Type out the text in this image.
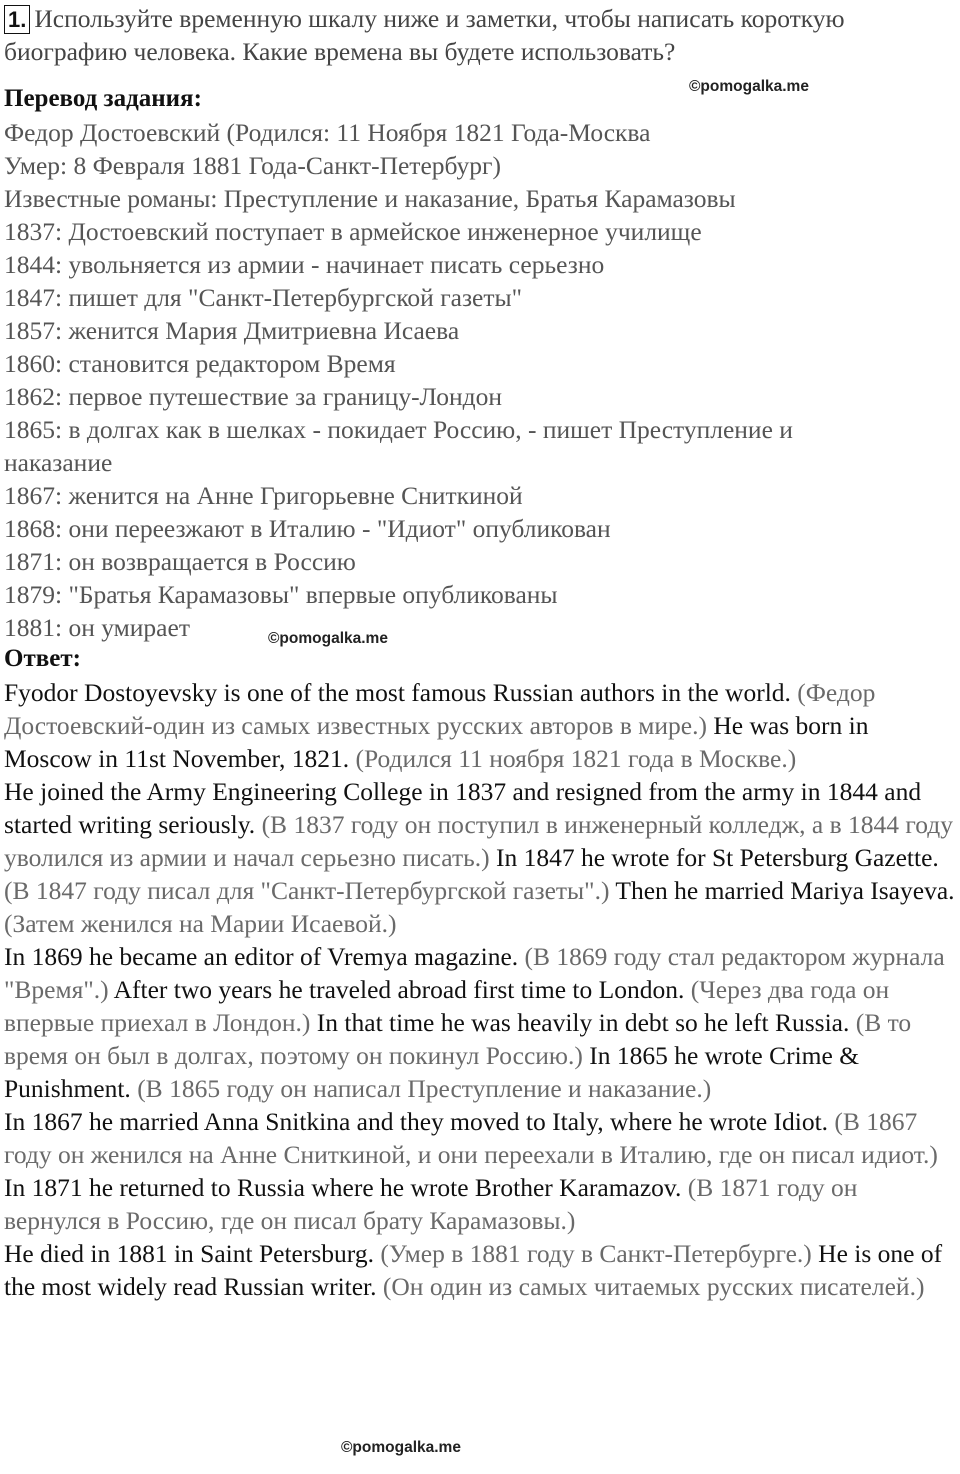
1. Используйте временную шкалу ниже и заметки, чтобы написать короткую
биографию человека. Какие времена вы будете использовать?
©pomogalka.me
Перевод задания:
Федор Достоевский (Родился: 11 Ноября 1821 Года-Москва
Умер: 8 Февраля 1881 Года-Санкт-Петербург)
Известные романы: Преступление и наказание, Братья Карамазовы
1837: Достоевский поступает в армейское инженерное училище
1844: увольняется из армии - начинает писать серьезно
1847: пишет для "Санкт-Петербургской газеты"
1857: женится Мария Дмитриевна Исаева
1860: становится редактором Время
1862: первое путешествие за границу-Лондон
1865: в долгах как в шелках - покидает Россию, - пишет Преступление и
наказание
1867: женится на Анне Григорьевне Сниткиной
1868: они переезжают в Италию - "Идиот" опубликован
1871: он возвращается в Россию
1879: "Братья Карамазовы" впервые опубликованы
1881: он умирает	©pomogalka.me
Ответ:

Fyodor Dostoyevsky is one of the most famous Russian authors in the world. (Федор Достоевский-один из самых известных русских авторов в мире.) He was born in Moscow in 11st November, 1821. (Родился 11 ноября 1821 года в Москве.)

He joined the Army Engineering College in 1837 and resigned from the army in 1844 and started writing seriously. (В 1837 году он поступил в инженерный колледж, а в 1844 году уволился из армии и начал серьезно писать.) In 1847 he wrote for St Petersburg Gazette. (В 1847 году писал для "Санкт-Петербургской газеты".) Then he married Mariya Isayeva. (Затем женился на Марии Исаевой.)

In 1869 he became an editor of Vremya magazine. (В 1869 году стал редактором журнала "Время".) After two years he traveled abroad first time to London. (Через два года он впервые приехал в Лондон.) In that time he was heavily in debt so he left Russia. (В то время он был в долгах, поэтому он покинул Россию.) In 1865 he wrote Crime & Punishment. (В 1865 году он написал Преступление и наказание.)

In 1867 he married Anna Snitkina and they moved to Italy, where he wrote Idiot. (В 1867 году он женился на Анне Сниткиной, и они переехали в Италию, где он писал идиот.)

In 1871 he returned to Russia where he wrote Brother Karamazov. (В 1871 году он вернулся в Россию, где он писал брату Карамазовы.)

He died in 1881 in Saint Petersburg. (Умер в 1881 году в Санкт-Петербурге.) He is one of the most widely read Russian writer. (Он один из самых читаемых русских писателей.)

©pomogalka.me
